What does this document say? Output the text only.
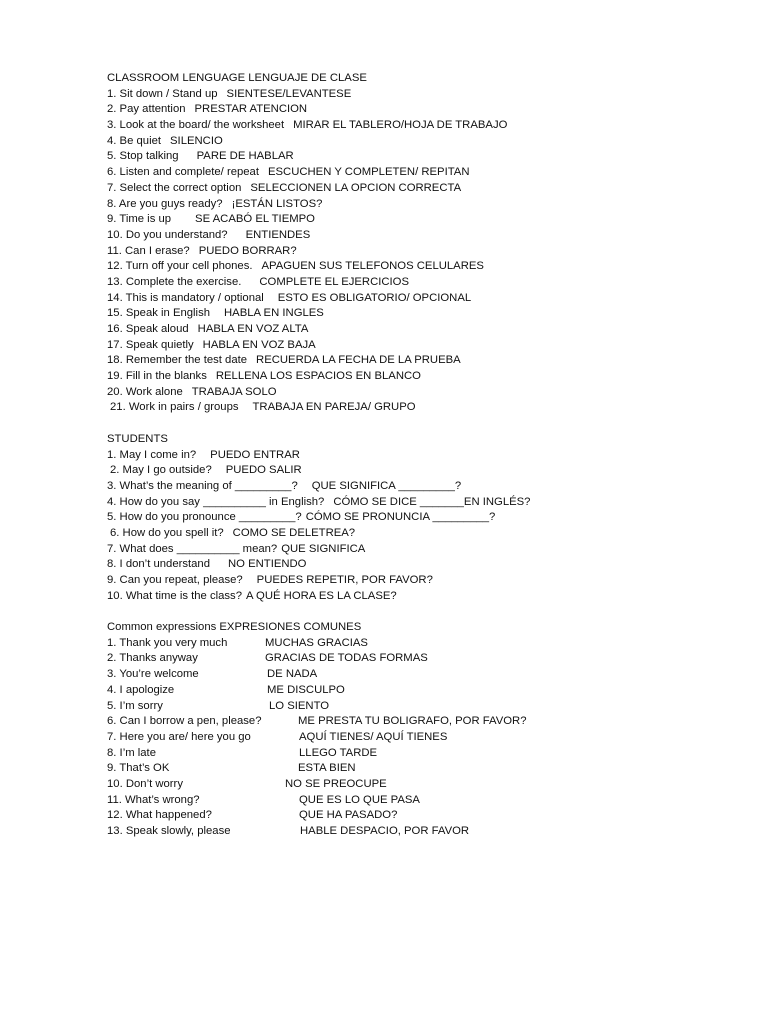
CLASSROOM LENGUAGE LENGUAJE DE CLASE
1. Sit down / Stand up SIENTESE/LEVANTESE
2. Pay attention PRESTAR ATENCION
3. Look at the board/ the worksheet MIRAR EL TABLERO/HOJA DE TRABAJO
4. Be quiet SILENCIO
5. Stop talking PARE DE HABLAR
6. Listen and complete/ repeat ESCUCHEN Y COMPLETEN/ REPITAN
7. Select the correct option SELECCIONEN LA OPCION CORRECTA
8. Are you guys ready? ¡ESTÁN LISTOS?
9. Time is up SE ACABÓ EL TIEMPO
10. Do you understand? ENTIENDES
11. Can I erase? PUEDO BORRAR?
12. Turn off your cell phones. APAGUEN SUS TELEFONOS CELULARES
13. Complete the exercise. COMPLETE EL EJERCICIOS
14. This is mandatory / optional ESTO ES OBLIGATORIO/ OPCIONAL
15. Speak in English HABLA EN INGLES
16. Speak aloud HABLA EN VOZ ALTA
17. Speak quietly HABLA EN VOZ BAJA
18. Remember the test date RECUERDA LA FECHA DE LA PRUEBA
19. Fill in the blanks RELLENA LOS ESPACIOS EN BLANCO
20. Work alone TRABAJA SOLO
21. Work in pairs / groups TRABAJA EN PAREJA/ GRUPO
STUDENTS
1. May I come in? PUEDO ENTRAR
2. May I go outside? PUEDO SALIR
3. What’s the meaning of _________? QUE SIGNIFICA _________?
4. How do you say __________ in English? CÓMO SE DICE _______EN INGLÉS?
5. How do you pronounce _________? CÓMO SE PRONUNCIA _________?
6. How do you spell it? COMO SE DELETREA?
7. What does __________ mean? QUE SIGNIFICA
8. I don’t understand NO ENTIENDO
9. Can you repeat, please? PUEDES REPETIR, POR FAVOR?
10. What time is the class? A QUÉ HORA ES LA CLASE?
Common expressions EXPRESIONES COMUNES
1. Thank you very much	MUCHAS GRACIAS
2. Thanks anyway	GRACIAS DE TODAS FORMAS
3. You’re welcome	DE NADA
4. I apologize	ME DISCULPO
5. I’m sorry	LO SIENTO
6. Can I borrow a pen, please?	ME PRESTA TU BOLIGRAFO, POR FAVOR?
7. Here you are/ here you go	AQUÍ TIENES/ AQUÍ TIENES
8. I’m late	LLEGO TARDE
9. That’s OK	ESTA BIEN
10. Don’t worry	NO SE PREOCUPE
11. What’s wrong?	QUE ES LO QUE PASA
12. What happened?	QUE HA PASADO?
13. Speak slowly, please	HABLE DESPACIO, POR FAVOR
